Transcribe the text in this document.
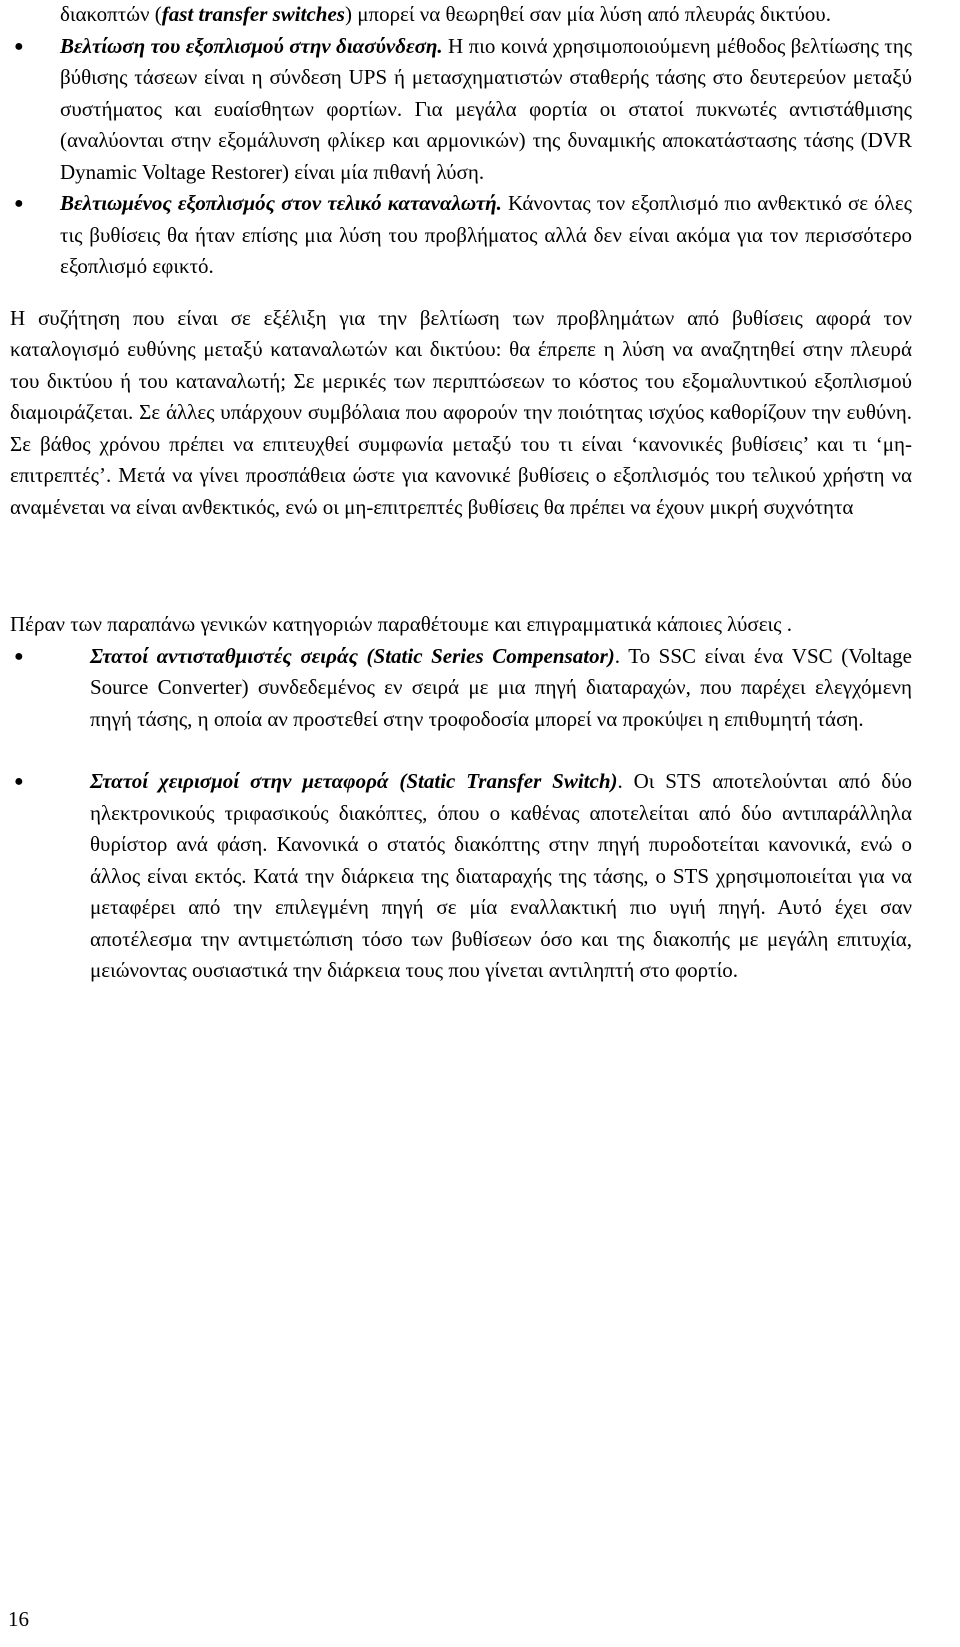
διακοπτών (fast transfer switches) μπορεί να θεωρηθεί σαν μία λύση από πλευράς δικτύου.
● Βελτίωση του εξοπλισμού στην διασύνδεση. Η πιο κοινά χρησιμοποιούμενη μέθοδος βελτίωσης της βύθισης τάσεων είναι η σύνδεση UPS ή μετασχηματιστών σταθερής τάσης στο δευτερεύον μεταξύ συστήματος και ευαίσθητων φορτίων. Για μεγάλα φορτία οι στατοί πυκνωτές αντιστάθμισης (αναλύονται στην εξομάλυνση φλίκερ και αρμονικών) της δυναμικής αποκατάστασης τάσης (DVR Dynamic Voltage Restorer) είναι μία πιθανή λύση.
● Βελτιωμένος εξοπλισμός στον τελικό καταναλωτή. Κάνοντας τον εξοπλισμό πιο ανθεκτικό σε όλες τις βυθίσεις θα ήταν επίσης μια λύση του προβλήματος αλλά δεν είναι ακόμα για τον περισσότερο εξοπλισμό εφικτό.
Η συζήτηση που είναι σε εξέλιξη για την βελτίωση των προβλημάτων από βυθίσεις αφορά τον καταλογισμό ευθύνης μεταξύ καταναλωτών και δικτύου: θα έπρεπε η λύση να αναζητηθεί στην πλευρά του δικτύου ή του καταναλωτή; Σε μερικές των περιπτώσεων το κόστος του εξομαλυντικού εξοπλισμού διαμοιράζεται. Σε άλλες υπάρχουν συμβόλαια που αφορούν την ποιότητας ισχύος καθορίζουν την ευθύνη. Σε βάθος χρόνου πρέπει να επιτευχθεί συμφωνία μεταξύ του τι είναι ‘κανονικές βυθίσεις’ και τι ‘μη-επιτρεπτές’. Μετά να γίνει προσπάθεια ώστε για κανονικέ βυθίσεις ο εξοπλισμός του τελικού χρήστη να αναμένεται να είναι ανθεκτικός, ενώ οι μη-επιτρεπτές βυθίσεις θα πρέπει να έχουν μικρή συχνότητα
Πέραν των παραπάνω γενικών κατηγοριών παραθέτουμε και επιγραμματικά κάποιες λύσεις .
●	Στατοί αντισταθμιστές σειράς (Static Series Compensator). Το SSC είναι ένα VSC (Voltage Source Converter) συνδεδεμένος εν σειρά με μια πηγή διαταραχών, που παρέχει ελεγχόμενη πηγή τάσης, η οποία αν προστεθεί στην τροφοδοσία μπορεί να προκύψει η επιθυμητή τάση.
●	Στατοί χειρισμοί στην μεταφορά (Static Transfer Switch). Οι STS αποτελούνται από δύο ηλεκτρονικούς τριφασικούς διακόπτες, όπου ο καθένας αποτελείται από δύο αντιπαράλληλα θυρίστορ ανά φάση. Κανονικά ο στατός διακόπτης στην πηγή πυροδοτείται κανονικά, ενώ ο άλλος είναι εκτός. Κατά την διάρκεια της διαταραχής της τάσης, ο STS χρησιμοποιείται για να μεταφέρει από την επιλεγμένη πηγή σε μία εναλλακτική πιο υγιή πηγή. Αυτό έχει σαν αποτέλεσμα την αντιμετώπιση τόσο των βυθίσεων όσο και της διακοπής με μεγάλη επιτυχία, μειώνοντας ουσιαστικά την διάρκεια τους που γίνεται αντιληπτή στο φορτίο.
16
